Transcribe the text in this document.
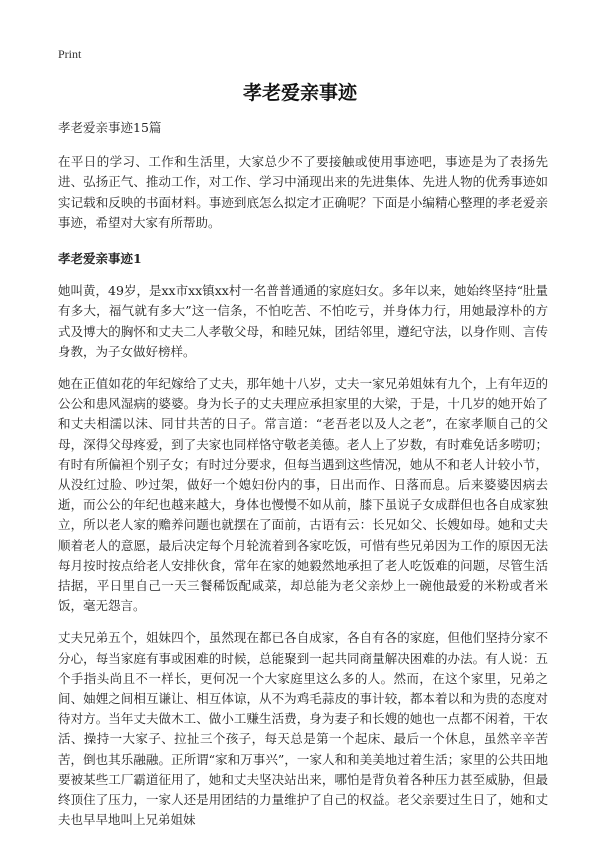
Print
孝老爱亲事迹

孝老爱亲事迹15篇

在平日的学习、工作和生活里，大家总少不了要接触或使用事迹吧，事迹是为了表扬先进、弘扬正气、推动工作，对工作、学习中涌现出来的先进集体、先进人物的优秀事迹如实记载和反映的书面材料。事迹到底怎么拟定才正确呢？下面是小编精心整理的孝老爱亲事迹，希望对大家有所帮助。

孝老爱亲事迹1

她叫黄，49岁，是xx市xx镇xx村一名普普通通的家庭妇女。多年以来，她始终坚持“肚量有多大，福气就有多大”这一信条，不怕吃苦、不怕吃亏，并身体力行，用她最淳朴的方式及博大的胸怀和丈夫二人孝敬父母，和睦兄妹，团结邻里，遵纪守法，以身作则、言传身教，为子女做好榜样。

她在正值如花的年纪嫁给了丈夫，那年她十八岁，丈夫一家兄弟姐妹有九个，上有年迈的公公和患风湿病的婆婆。身为长子的丈夫理应承担家里的大梁，于是，十几岁的她开始了和丈夫相濡以沫、同甘共苦的日子。常言道：“老吾老以及人之老”，在家孝顺自己的父母，深得父母疼爱，到了夫家也同样恪守敬老美德。老人上了岁数，有时难免话多唠叨；有时有所偏袒个别子女；有时过分要求，但每当遇到这些情况，她从不和老人计较小节，从没红过脸、吵过架，做好一个媳妇份内的事，日出而作、日落而息。后来婆婆因病去逝，而公公的年纪也越来越大，身体也慢慢不如从前，膝下虽说子女成群但也各自成家独立，所以老人家的赡养问题也就摆在了面前，古语有云：长兄如父、长嫂如母。她和丈夫顺着老人的意愿，最后决定每个月轮流着到各家吃饭，可惜有些兄弟因为工作的原因无法每月按时按点给老人安排伙食，常年在家的她毅然地承担了老人吃饭难的问题，尽管生活拮据，平日里自己一天三餐稀饭配咸菜，却总能为老父亲炒上一碗他最爱的米粉或者米饭，毫无怨言。

丈夫兄弟五个，姐妹四个，虽然现在都已各自成家，各自有各的家庭，但他们坚持分家不分心，每当家庭有事或困难的时候，总能聚到一起共同商量解决困难的办法。有人说：五个手指头尚且不一样长，更何况一个大家庭里这么多的人。然而，在这个家里，兄弟之间、妯娌之间相互谦让、相互体谅，从不为鸡毛蒜皮的事计较，都本着以和为贵的态度对待对方。当年丈夫做木工、做小工赚生活费，身为妻子和长嫂的她也一点都不闲着，干农活、操持一大家子、拉扯三个孩子，每天总是第一个起床、最后一个休息，虽然辛辛苦苦，倒也其乐融融。正所谓“家和万事兴”，一家人和和美美地过着生活；家里的公共田地要被某些工厂霸道征用了，她和丈夫坚决站出来，哪怕是背负着各种压力甚至威胁，但最终顶住了压力，一家人还是用团结的力量维护了自己的权益。老父亲要过生日了，她和丈夫也早早地叫上兄弟姐妹
